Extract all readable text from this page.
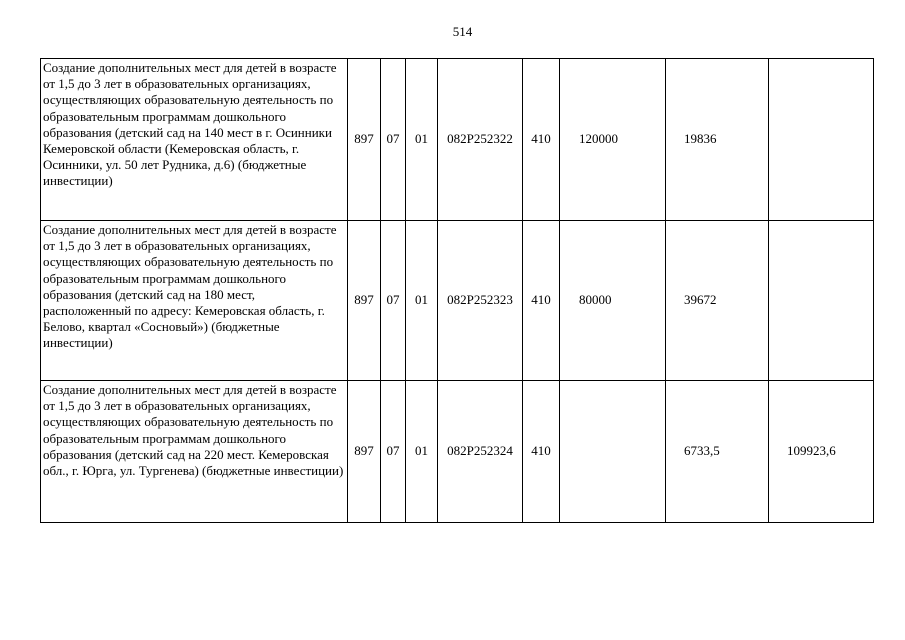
514
Создание дополнительных мест для детей в возрасте от 1,5 до 3 лет в образовательных организациях, осуществляющих образовательную деятельность по образовательным программам дошкольного образования (детский сад на 140 мест в г. Осинники Кемеровской области (Кемеровская область, г. Осинники, ул. 50 лет Рудника, д.6) (бюджетные инвестиции)	897	07	01	082P252322	410	120000	19836	
Создание дополнительных мест для детей в возрасте от 1,5 до 3 лет в образовательных организациях, осуществляющих образовательную деятельность по образовательным программам дошкольного образования (детский сад на 180 мест, расположенный по адресу: Кемеровская область, г. Белово, квартал «Сосновый») (бюджетные инвестиции)	897	07	01	082P252323	410	80000	39672	
Создание дополнительных мест для детей в возрасте от 1,5 до 3 лет в образовательных организациях, осуществляющих образовательную деятельность по образовательным программам дошкольного образования (детский сад на 220 мест. Кемеровская обл., г. Юрга, ул. Тургенева) (бюджетные инвестиции)	897	07	01	082P252324	410		6733,5	109923,6
